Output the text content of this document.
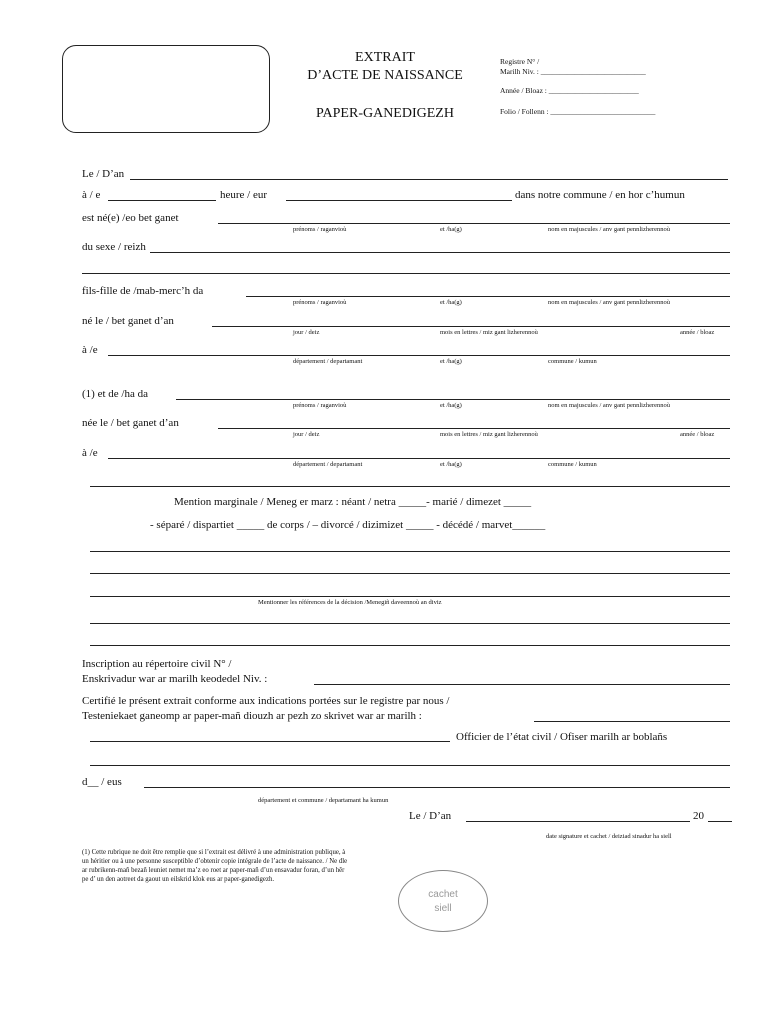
EXTRAIT
D’ACTE DE NAISSANCE
PAPER-GANEDIGEZH
Registre N° /
Marilh Niv. : ____________________________
Année / Bloaz : ________________________
Folio / Follenn : ____________________________
Le / D’an
à / e	heure / eur	dans notre commune / en hor c’humun
est né(e) /eo bet ganet
prénoms / raganvioù	et /ha(g)	nom en majuscules / anv gant pennlizherennoù
du sexe / reizh
fils-fille de /mab-merc’h da
prénoms / raganvioù	et /ha(g)	nom en majuscules / anv gant pennlizherennoù
né le / bet ganet d’an
jour / deiz	mois en lettres / miz gant lizherennoù	année / bloaz
à /e
département / departamant	et /ha(g)	commune / kumun
(1) et de /ha da
prénoms / raganvioù	et /ha(g)	nom en majuscules / anv gant pennlizherennoù
née le / bet ganet d’an
jour / deiz	mois en lettres / miz gant lizherennoù	année / bloaz
à /e
département / departamant	et /ha(g)	commune / kumun
Mention marginale / Meneg er marz : néant / netra _____- marié / dimezet _____
- séparé / dispartiet _____ de corps / – divorcé / dizimizet _____ - décédé / marvet______
Mentionner les références de la décision /Menegiñ daveennoù an diviz
Inscription au répertoire civil N° /
Enskrivadur war ar marilh keodedel Niv. :
Certifié le présent extrait conforme aux indications portées sur le registre par nous /
Testeniekaet ganeomp ar paper-mañ diouzh ar pezh zo skrivet war ar marilh :
Officier de l’état civil / Ofiser marilh ar boblañs
d__ / eus
département et commune / departamant ha kumun
Le / D’an	20
date signature et cachet / deiziad sinadur ha siell
(1) Cette rubrique ne doit être remplie que si l’extrait est délivré à une administration publique, à un héritier ou à une personne susceptible d’obtenir copie intégrale de l’acte de naissance. / Ne dle ar rubrikenn-mañ bezañ leuniet nemet ma’z eo roet ar paper-mañ d’un ensavadur foran, d’un hêr pe d’ un den aotreet da gaout un eilskrid klok eus ar paper-ganedigezh.
cachet
siell
